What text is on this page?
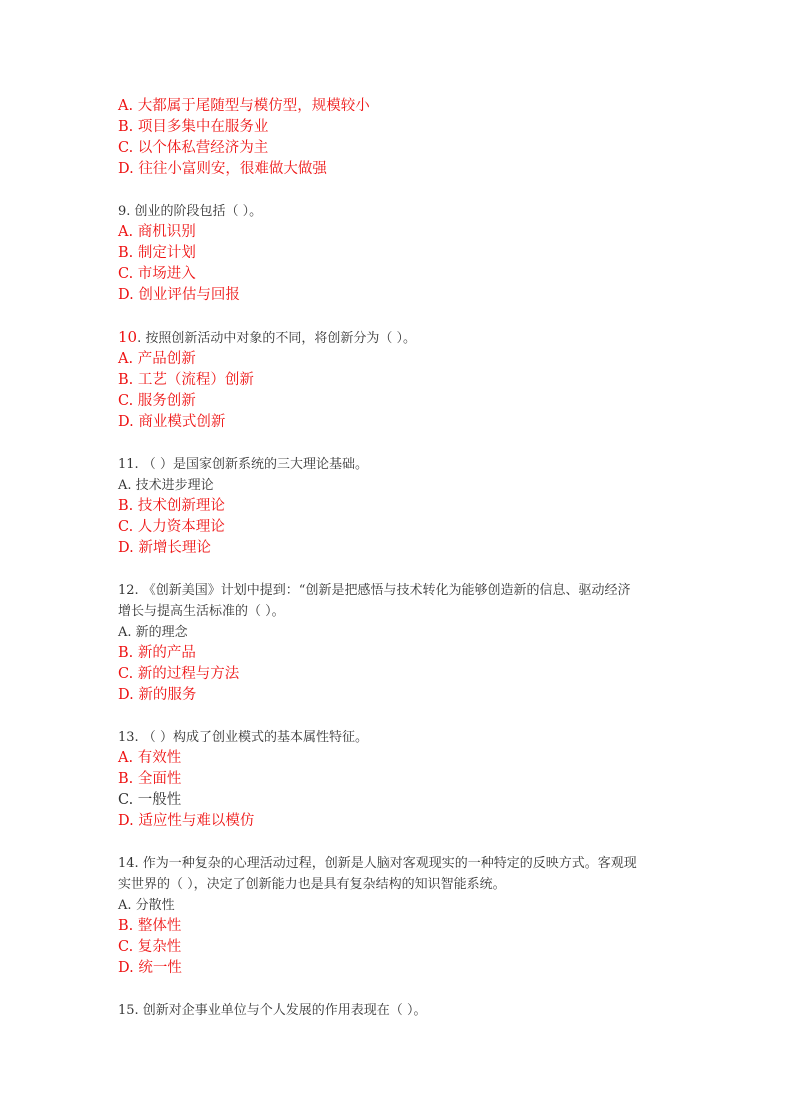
A. 大都属于尾随型与模仿型，规模较小

B. 项目多集中在服务业

C. 以个体私营经济为主

D. 往往小富则安，很难做大做强

9. 创业的阶段包括（ ）。

A. 商机识别

B. 制定计划

C. 市场进入

D. 创业评估与回报

10. 按照创新活动中对象的不同，将创新分为（ ）。

A. 产品创新

B. 工艺（流程）创新

C. 服务创新

D. 商业模式创新

11. （ ）是国家创新系统的三大理论基础。

A. 技术进步理论

B. 技术创新理论

C. 人力资本理论

D. 新增长理论

12. 《创新美国》计划中提到：“创新是把感悟与技术转化为能够创造新的信息、驱动经济

增长与提高生活标准的（ ）。

A. 新的理念

B. 新的产品

C. 新的过程与方法

D. 新的服务

13. （ ）构成了创业模式的基本属性特征。

A. 有效性

B. 全面性

C. 一般性

D. 适应性与难以模仿

14. 作为一种复杂的心理活动过程，创新是人脑对客观现实的一种特定的反映方式。客观现

实世界的（ ），决定了创新能力也是具有复杂结构的知识智能系统。

A. 分散性

B. 整体性

C. 复杂性

D. 统一性

15. 创新对企事业单位与个人发展的作用表现在（ ）。
